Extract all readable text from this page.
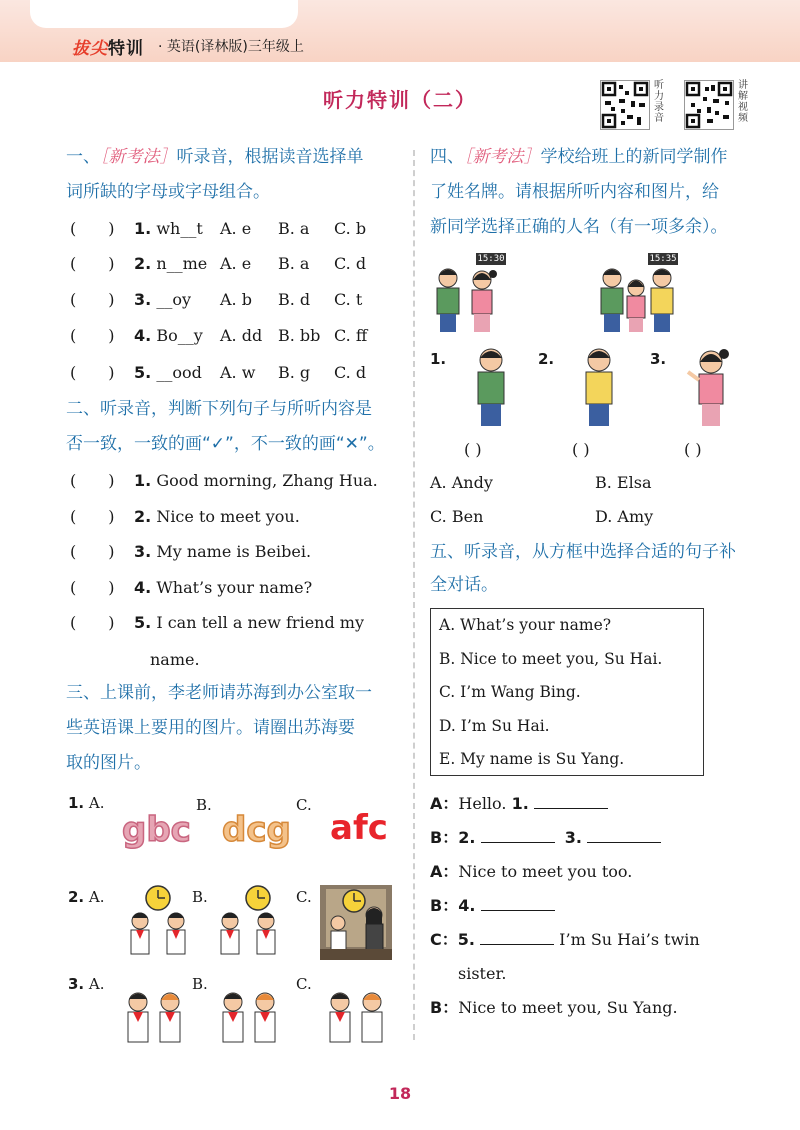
拔尖特训 · 英语(译林版)三年级上
听力特训（二）
听力录音
讲解视频
一、［新考法］听录音，根据读音选择单
词所缺的字母或字母组合。
(　　) 1. wh__t A. e B. a C. b
(　　) 2. n__me A. e B. a C. d
(　　) 3. __oy A. b B. d C. t
(　　) 4. Bo__y A. dd B. bb C. ff
(　　) 5. __ood A. w B. g C. d
二、听录音，判断下列句子与所听内容是
否一致，一致的画“✓”，不一致的画“✕”。
(　　) 1. Good morning, Zhang Hua.
(　　) 2. Nice to meet you.
(　　) 3. My name is Beibei.
(　　) 4. What’s your name?
(　　) 5. I can tell a new friend my
name.
三、上课前，李老师请苏海到办公室取一
些英语课上要用的图片。请圈出苏海要
取的图片。
1. A.	B.	C.
gbc dcg afc
2. A.	B.	C.
3. A.	B.	C.
四、［新考法］学校给班上的新同学制作
了姓名牌。请根据所听内容和图片，给
新同学选择正确的人名（有一项多余）。
15:30	15:35
1.	2.	3.
( )	( )	( )
A. Andy	B. Elsa
C. Ben	D. Amy
五、听录音，从方框中选择合适的句子补
全对话。
A. What’s your name?
B. Nice to meet you, Su Hai.
C. I’m Wang Bing.
D. I’m Su Hai.
E. My name is Su Yang.
A：Hello. 1.
B：2.	3.
A：Nice to meet you too.
B：4.
C：5.	I’m Su Hai’s twin
sister.
B：Nice to meet you, Su Yang.
18
